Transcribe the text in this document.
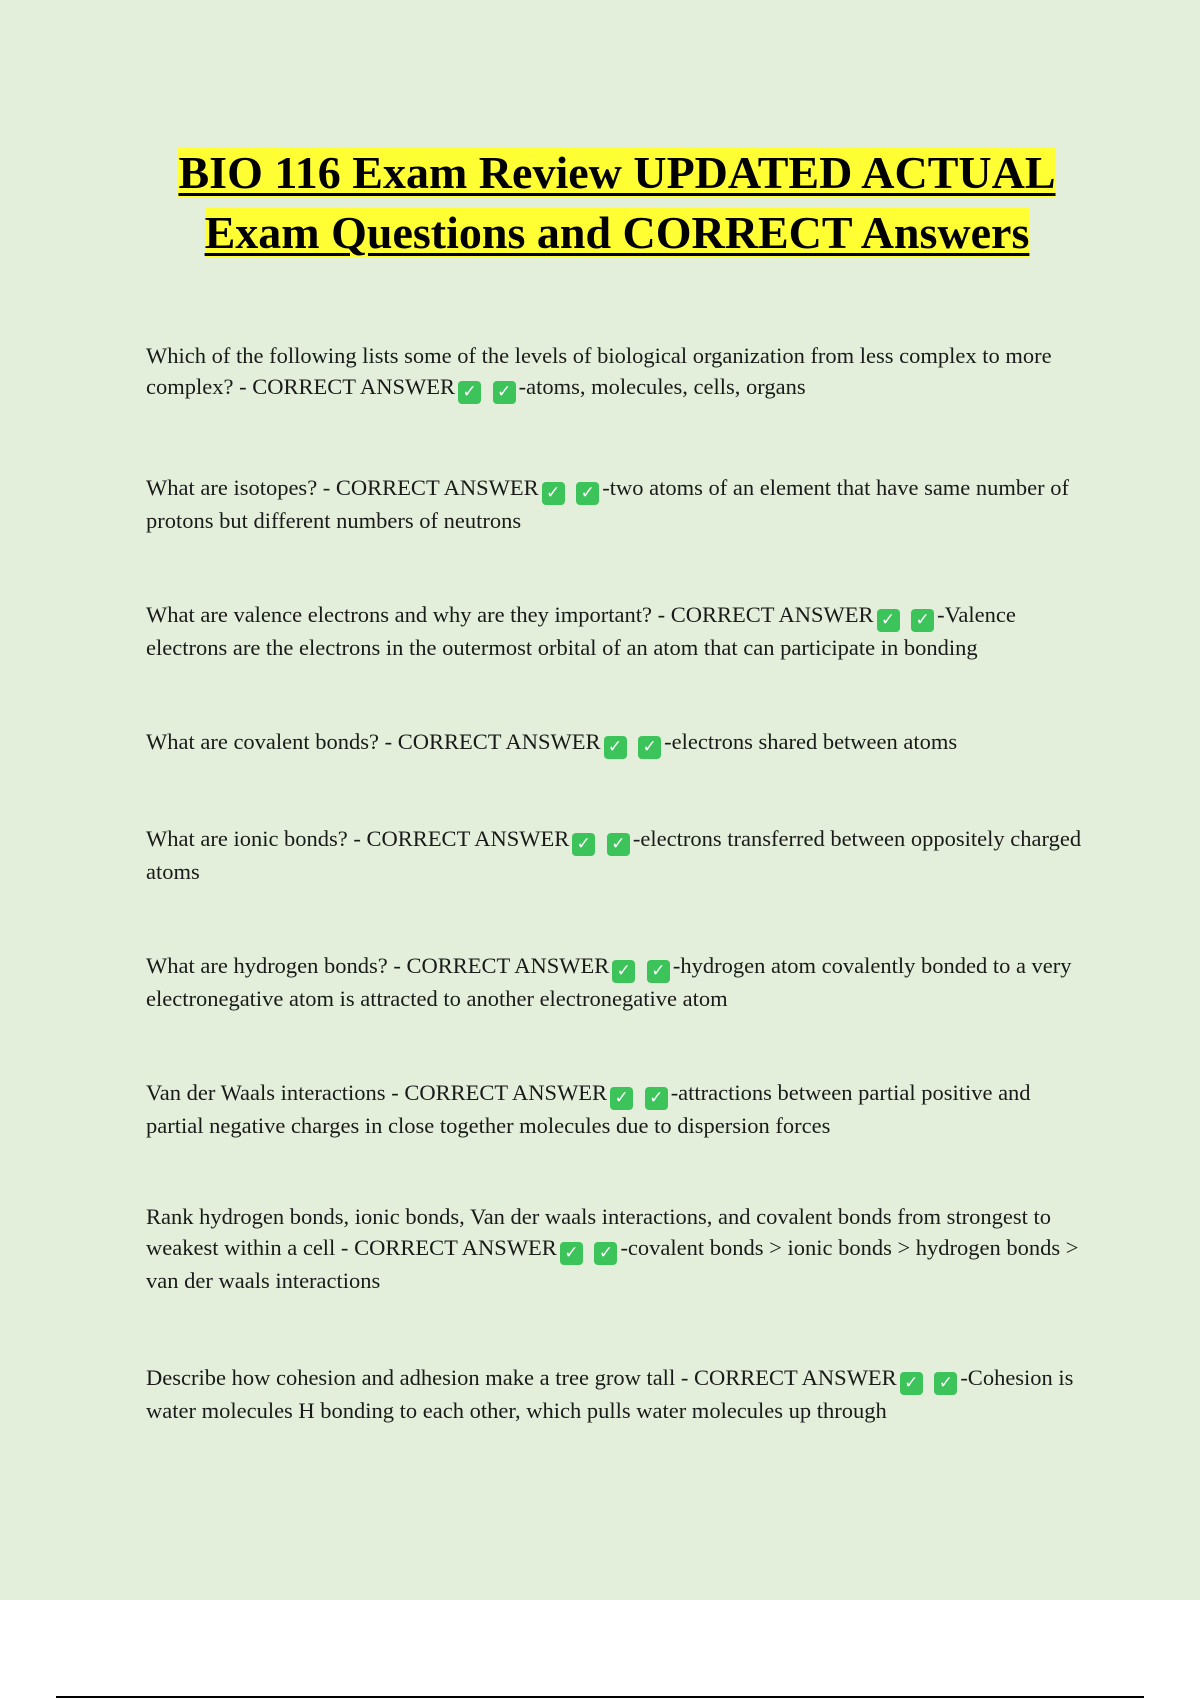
BIO 116 Exam Review UPDATED ACTUAL Exam Questions and CORRECT Answers
Which of the following lists some of the levels of biological organization from less complex to more complex? - CORRECT ANSWER ✓ ✓ -atoms, molecules, cells, organs
What are isotopes? - CORRECT ANSWER ✓ ✓ -two atoms of an element that have same number of protons but different numbers of neutrons
What are valence electrons and why are they important? - CORRECT ANSWER ✓ ✓ -Valence electrons are the electrons in the outermost orbital of an atom that can participate in bonding
What are covalent bonds? - CORRECT ANSWER ✓ ✓ -electrons shared between atoms
What are ionic bonds? - CORRECT ANSWER ✓ ✓ -electrons transferred between oppositely charged atoms
What are hydrogen bonds? - CORRECT ANSWER ✓ ✓ -hydrogen atom covalently bonded to a very electronegative atom is attracted to another electronegative atom
Van der Waals interactions - CORRECT ANSWER ✓ ✓ -attractions between partial positive and partial negative charges in close together molecules due to dispersion forces
Rank hydrogen bonds, ionic bonds, Van der waals interactions, and covalent bonds from strongest to weakest within a cell - CORRECT ANSWER ✓ ✓ -covalent bonds > ionic bonds > hydrogen bonds > van der waals interactions
Describe how cohesion and adhesion make a tree grow tall - CORRECT ANSWER ✓ ✓ -Cohesion is water molecules H bonding to each other, which pulls water molecules up through
